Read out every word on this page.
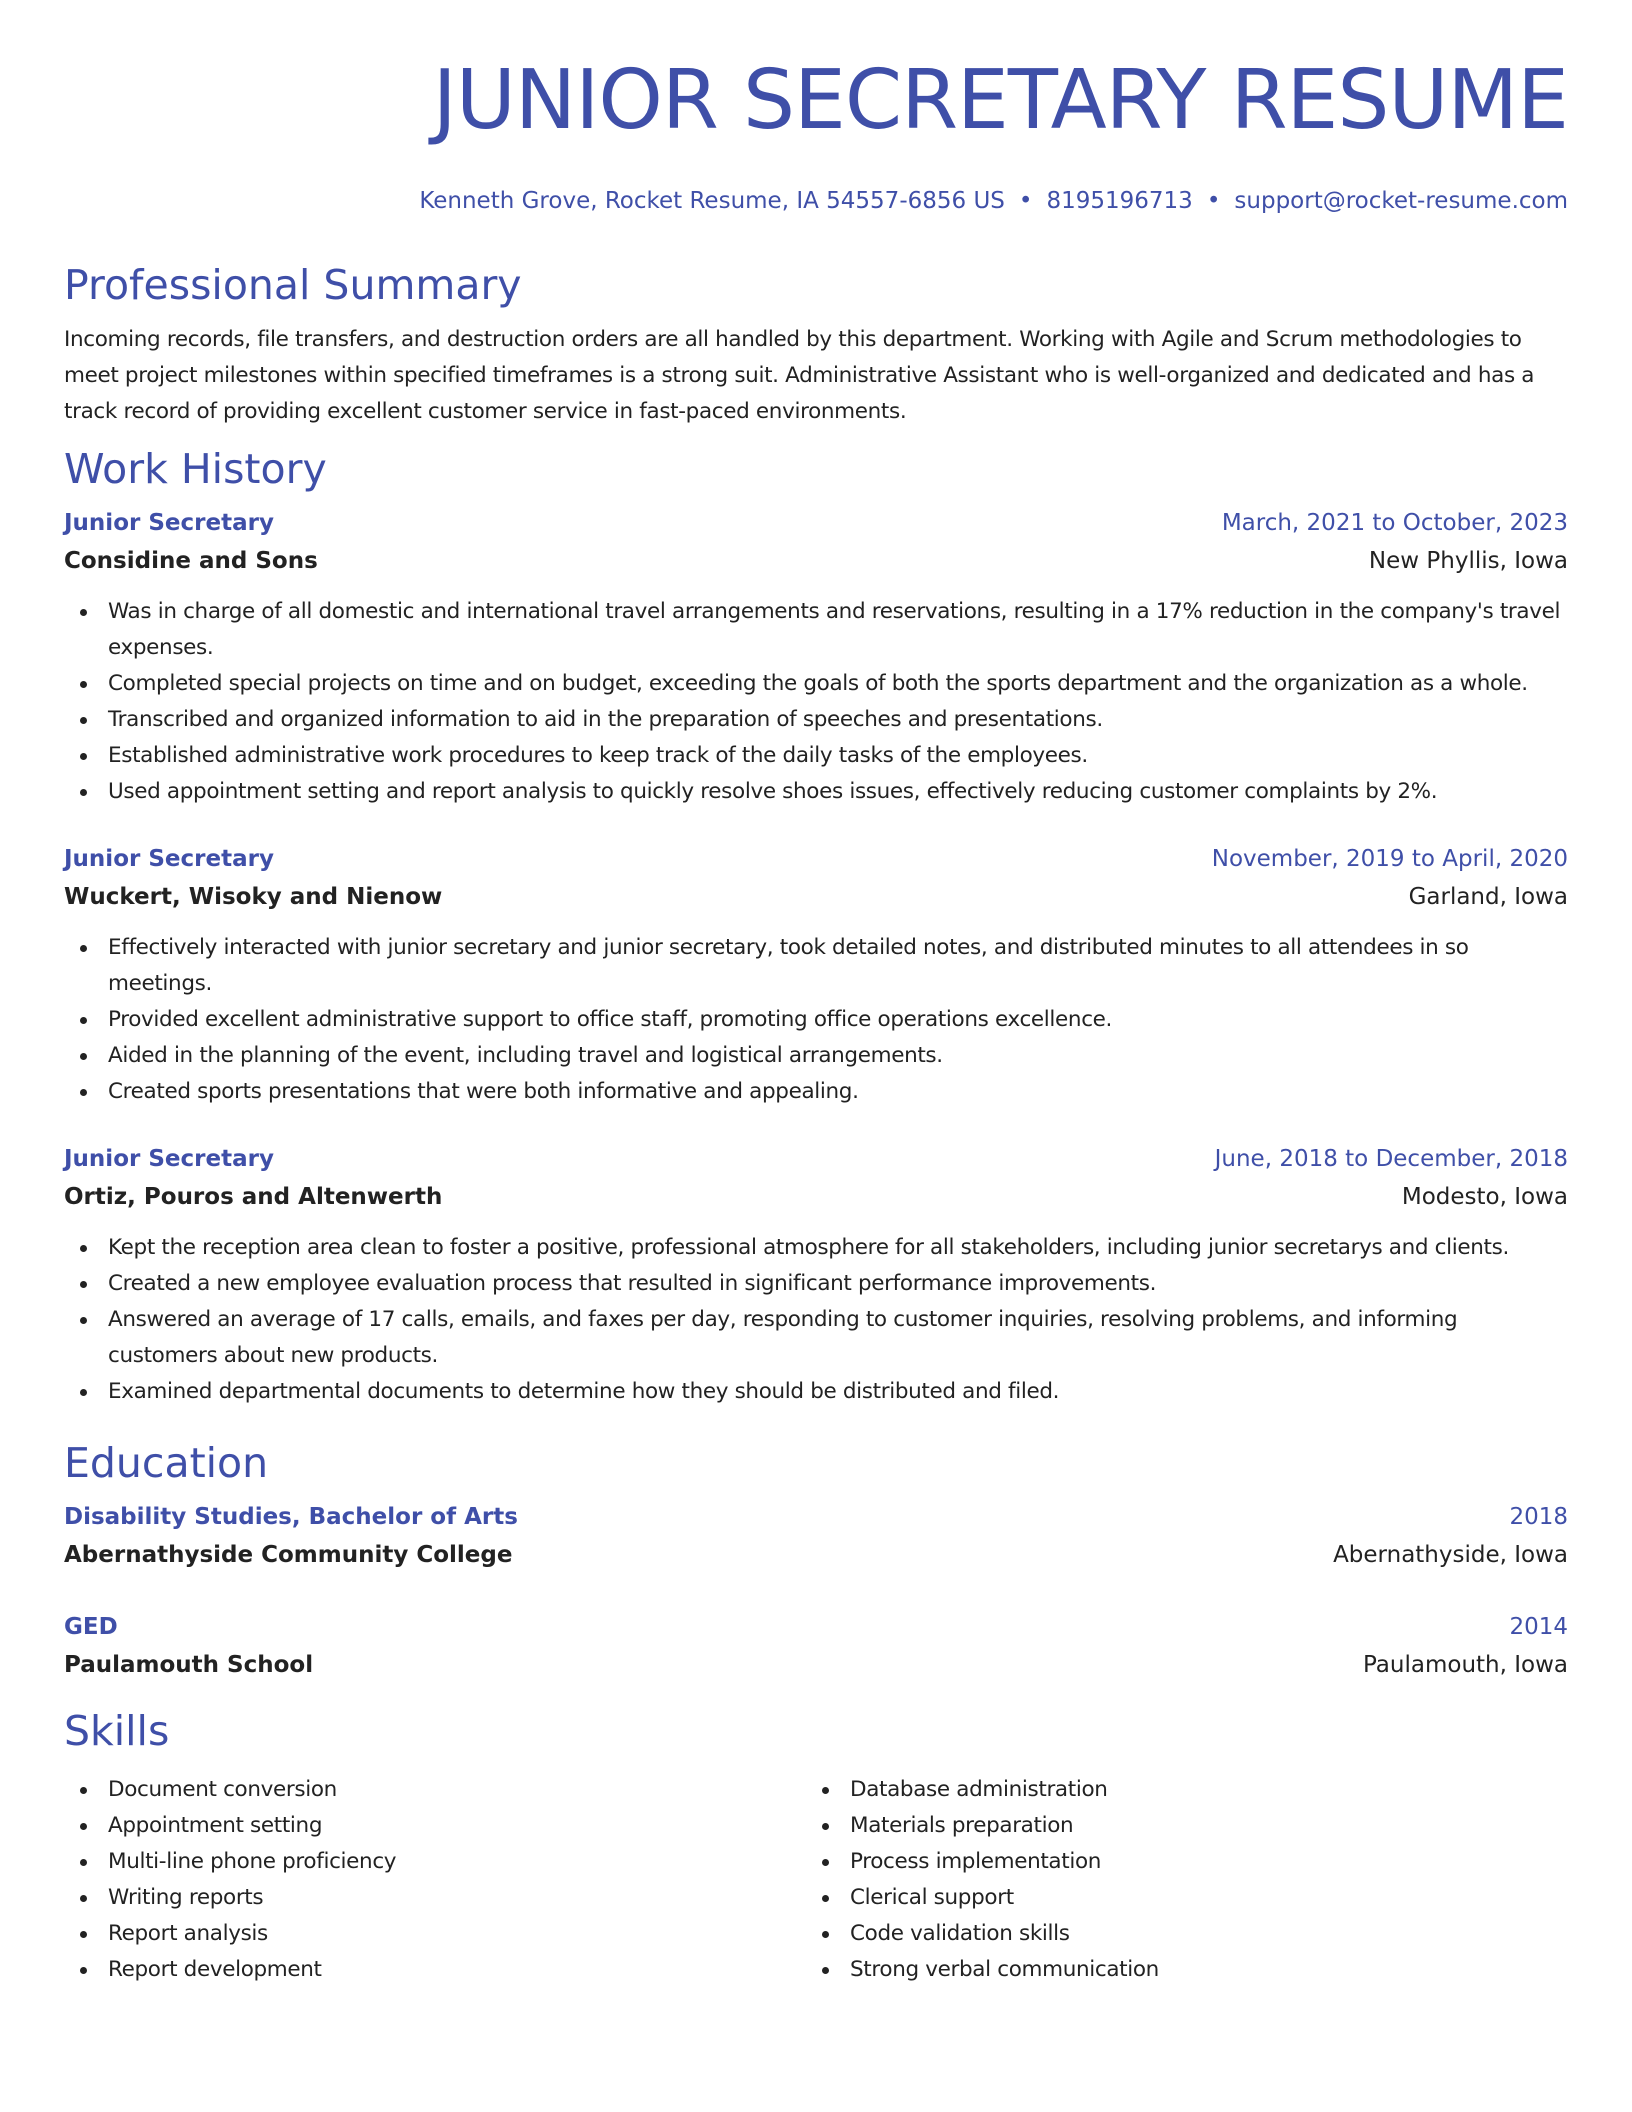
JUNIOR SECRETARY RESUME
Kenneth Grove, Rocket Resume, IA 54557-6856 US • 8195196713 • support@rocket-resume.com
Professional Summary
Incoming records, file transfers, and destruction orders are all handled by this department. Working with Agile and Scrum methodologies to meet project milestones within specified timeframes is a strong suit. Administrative Assistant who is well-organized and dedicated and has a track record of providing excellent customer service in fast-paced environments.
Work History
Junior Secretary	March, 2021 to October, 2023
Considine and Sons	New Phyllis, Iowa
Was in charge of all domestic and international travel arrangements and reservations, resulting in a 17% reduction in the company's travel expenses.
Completed special projects on time and on budget, exceeding the goals of both the sports department and the organization as a whole.
Transcribed and organized information to aid in the preparation of speeches and presentations.
Established administrative work procedures to keep track of the daily tasks of the employees.
Used appointment setting and report analysis to quickly resolve shoes issues, effectively reducing customer complaints by 2%.
Junior Secretary	November, 2019 to April, 2020
Wuckert, Wisoky and Nienow	Garland, Iowa
Effectively interacted with junior secretary and junior secretary, took detailed notes, and distributed minutes to all attendees in so meetings.
Provided excellent administrative support to office staff, promoting office operations excellence.
Aided in the planning of the event, including travel and logistical arrangements.
Created sports presentations that were both informative and appealing.
Junior Secretary	June, 2018 to December, 2018
Ortiz, Pouros and Altenwerth	Modesto, Iowa
Kept the reception area clean to foster a positive, professional atmosphere for all stakeholders, including junior secretarys and clients.
Created a new employee evaluation process that resulted in significant performance improvements.
Answered an average of 17 calls, emails, and faxes per day, responding to customer inquiries, resolving problems, and informing customers about new products.
Examined departmental documents to determine how they should be distributed and filed.
Education
Disability Studies, Bachelor of Arts	2018
Abernathyside Community College	Abernathyside, Iowa
GED	2014
Paulamouth School	Paulamouth, Iowa
Skills
Document conversion
Appointment setting
Multi-line phone proficiency
Writing reports
Report analysis
Report development
Database administration
Materials preparation
Process implementation
Clerical support
Code validation skills
Strong verbal communication
